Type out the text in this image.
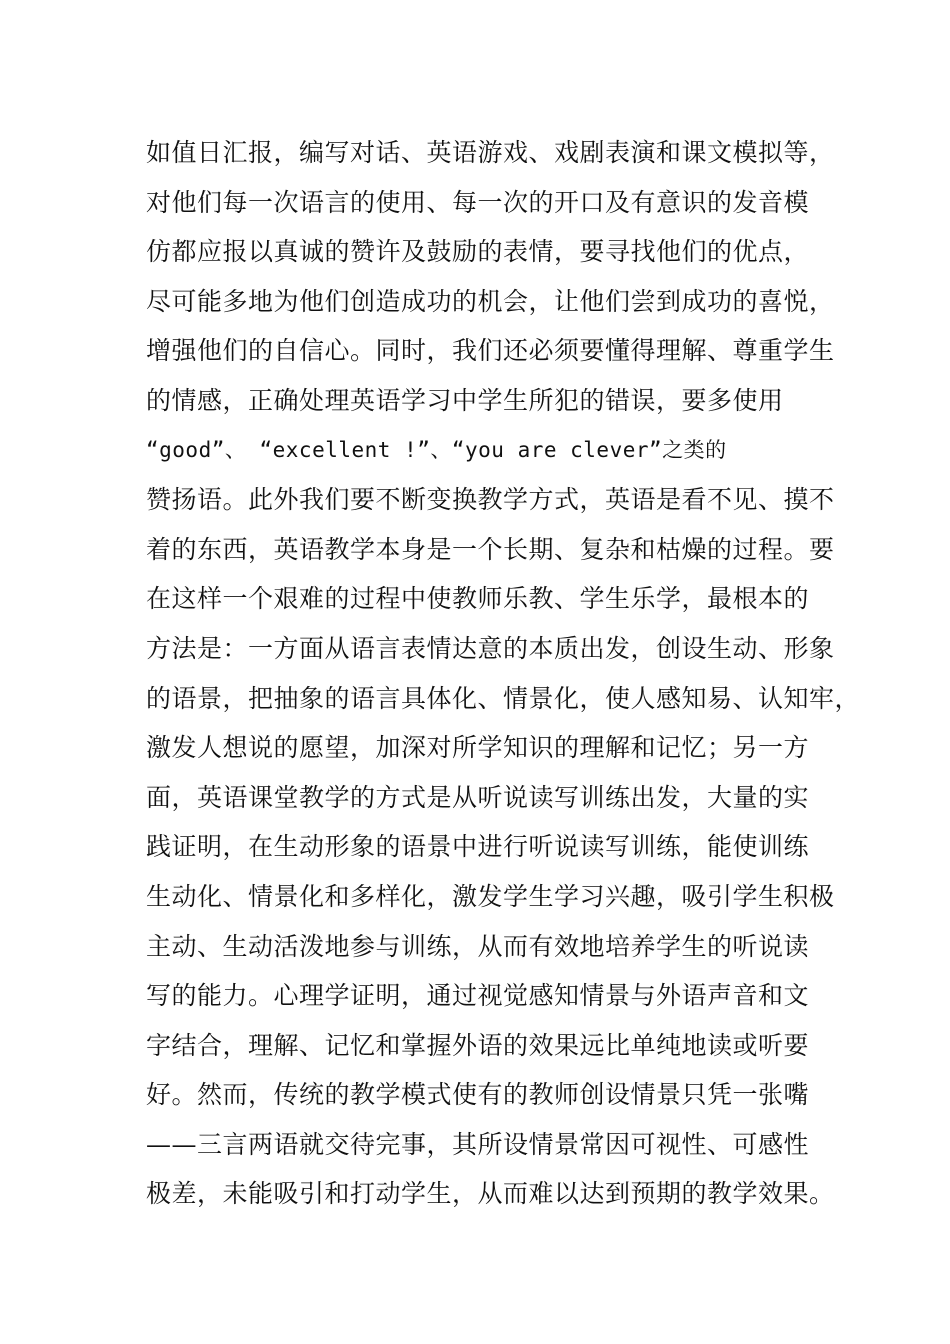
如值日汇报，编写对话、英语游戏、戏剧表演和课文模拟等，
对他们每一次语言的使用、每一次的开口及有意识的发音模
仿都应报以真诚的赞许及鼓励的表情，要寻找他们的优点，
尽可能多地为他们创造成功的机会，让他们尝到成功的喜悦，
增强他们的自信心。同时，我们还必须要懂得理解、尊重学生
的情感，正确处理英语学习中学生所犯的错误，要多使用
“good”、 “excellent !”、“you are clever”之类的
赞扬语。此外我们要不断变换教学方式，英语是看不见、摸不
着的东西，英语教学本身是一个长期、复杂和枯燥的过程。要
在这样一个艰难的过程中使教师乐教、学生乐学，最根本的
方法是：一方面从语言表情达意的本质出发，创设生动、形象
的语景，把抽象的语言具体化、情景化，使人感知易、认知牢，
激发人想说的愿望，加深对所学知识的理解和记忆；另一方
面，英语课堂教学的方式是从听说读写训练出发，大量的实
践证明，在生动形象的语景中进行听说读写训练，能使训练
生动化、情景化和多样化，激发学生学习兴趣，吸引学生积极
主动、生动活泼地参与训练，从而有效地培养学生的听说读
写的能力。心理学证明，通过视觉感知情景与外语声音和文
字结合，理解、记忆和掌握外语的效果远比单纯地读或听要
好。然而，传统的教学模式使有的教师创设情景只凭一张嘴
——三言两语就交待完事，其所设情景常因可视性、可感性
极差，未能吸引和打动学生，从而难以达到预期的教学效果。
